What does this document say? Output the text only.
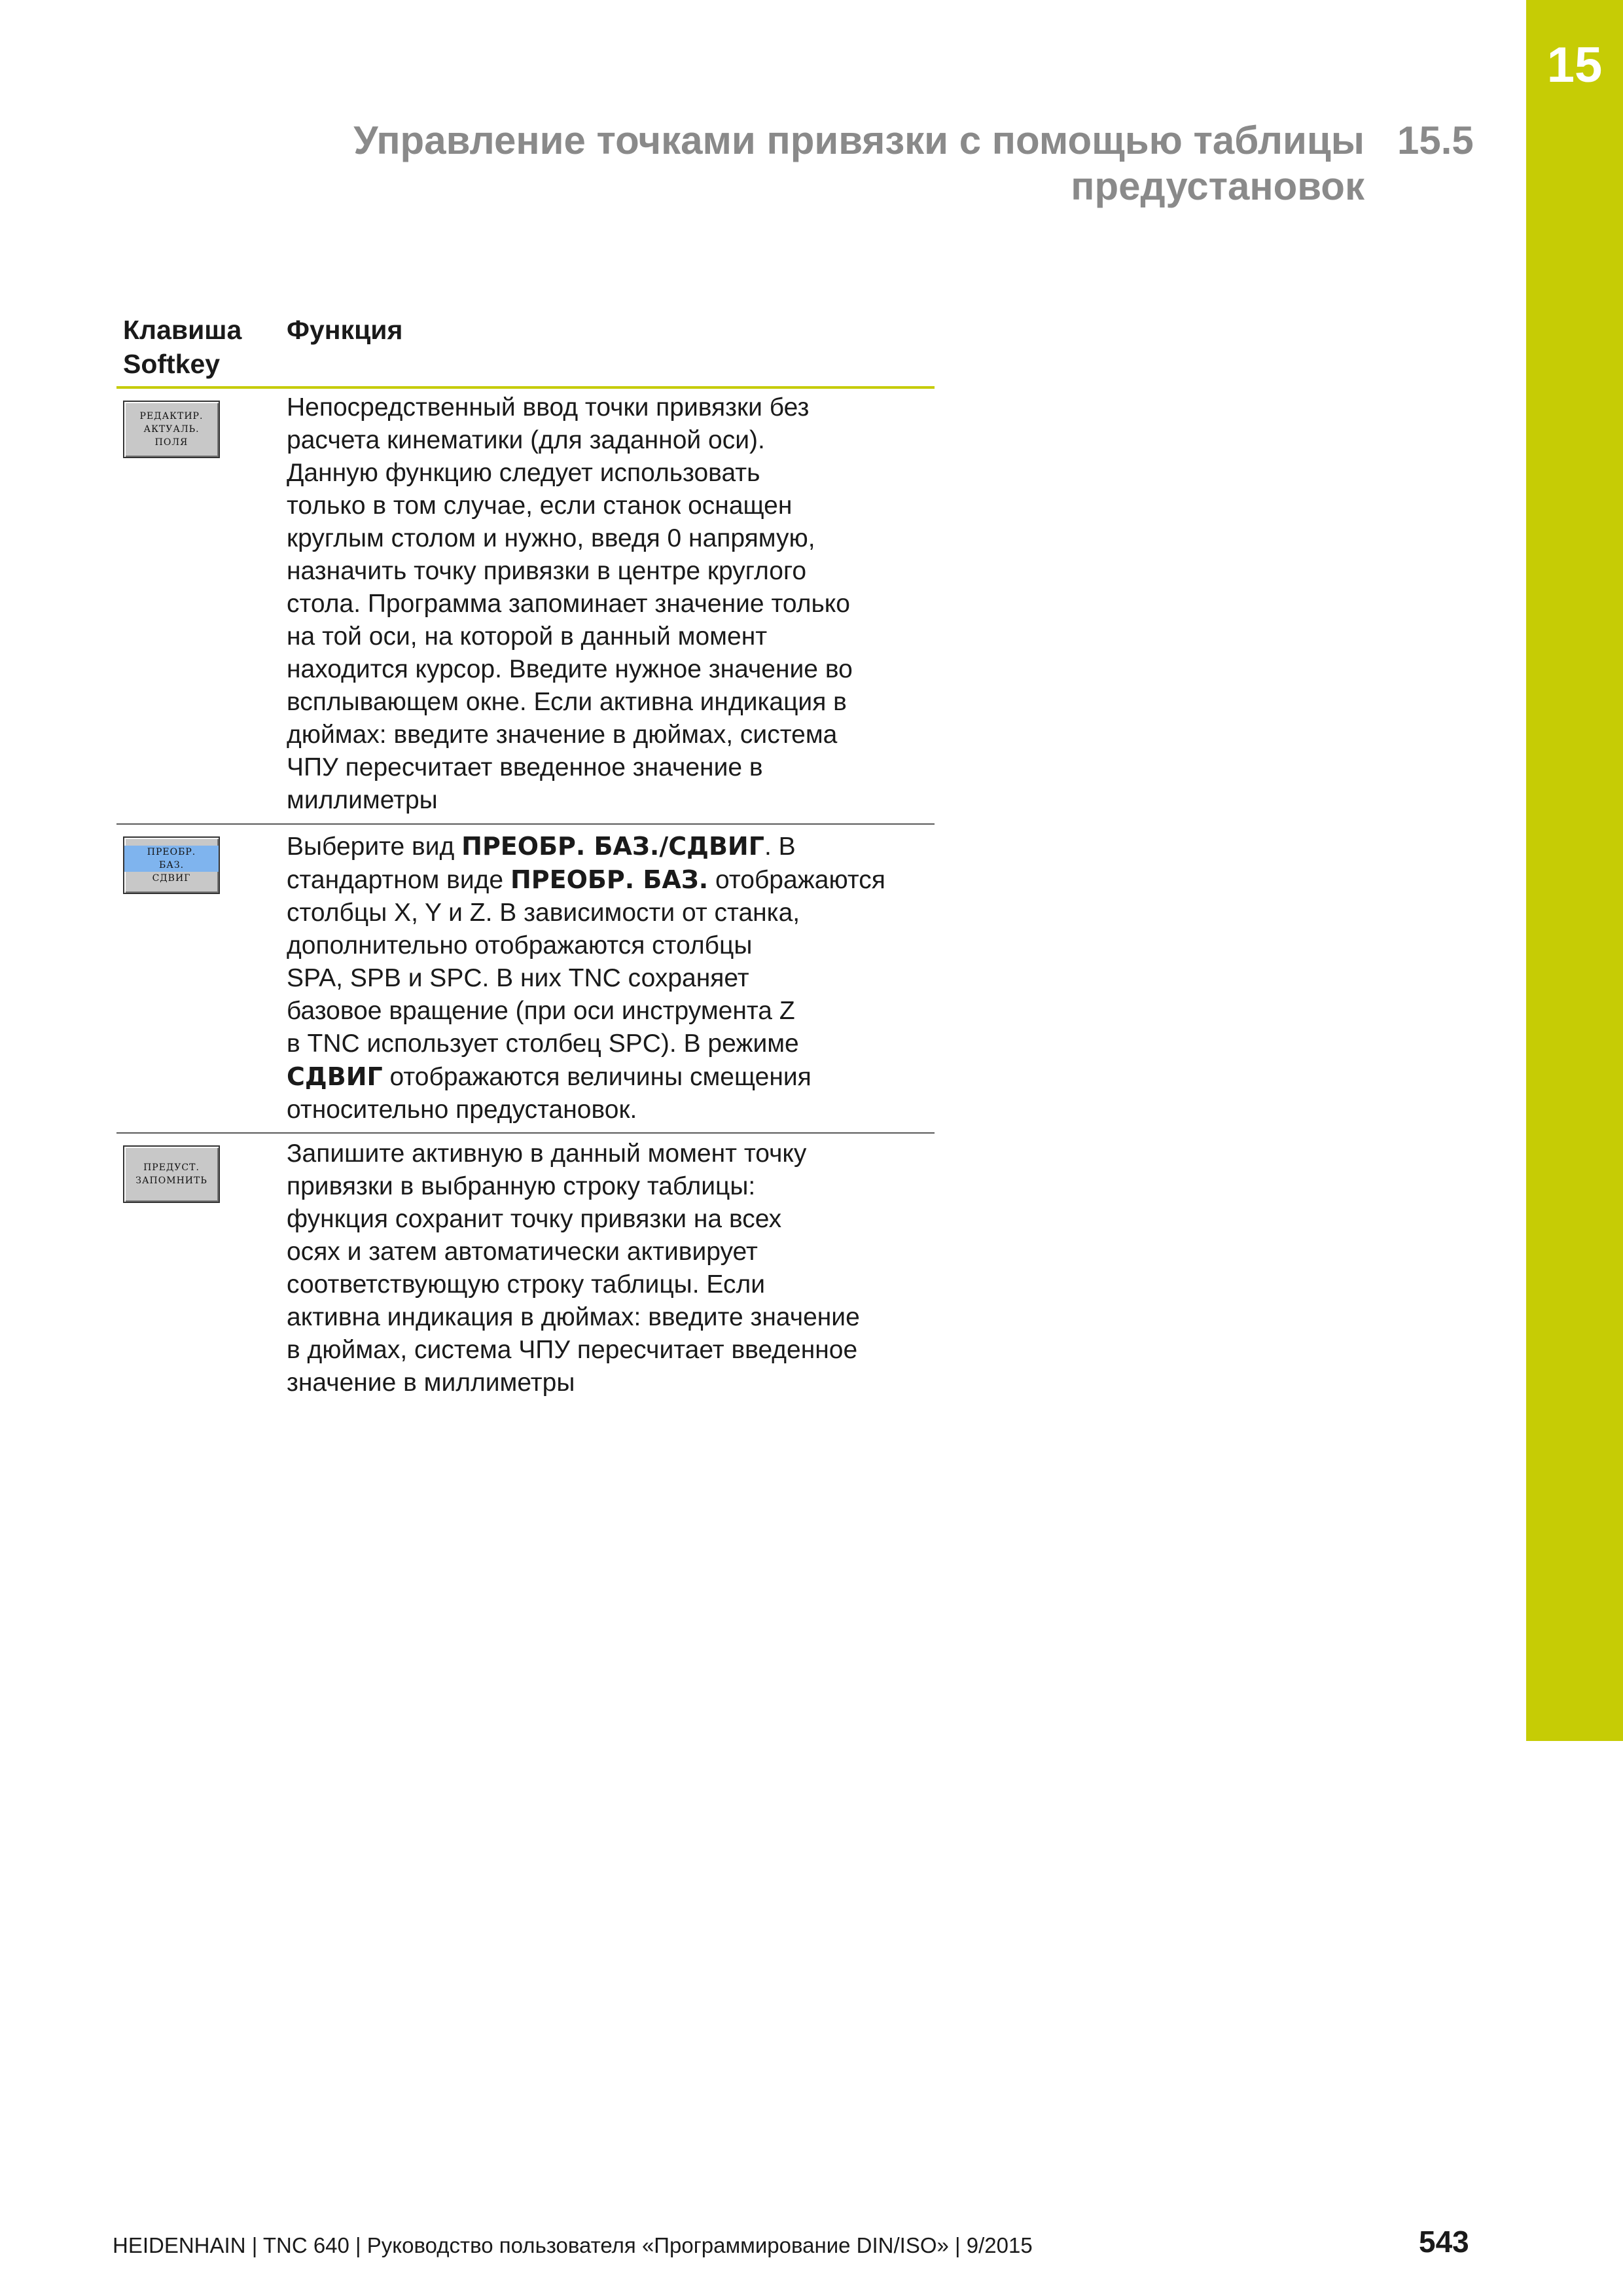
15
Управление точками привязки с помощью таблицы
предустановок
15.5
Клавиша
Softkey
Функция
РЕДАКТИР.
АКТУАЛЬ.
ПОЛЯ
Непосредственный ввод точки привязки без
расчета кинематики (для заданной оси).
Данную функцию следует использовать
только в том случае, если станок оснащен
круглым столом и нужно, введя 0 напрямую,
назначить точку привязки в центре круглого
стола. Программа запоминает значение только
на той оси, на которой в данный момент
находится курсор. Введите нужное значение во
всплывающем окне. Если активна индикация в
дюймах: введите значение в дюймах, система
ЧПУ пересчитает введенное значение в
миллиметры
ПРЕОБР.
БАЗ.
СДВИГ
Выберите вид ПРЕОБР. БАЗ./СДВИГ. В
стандартном виде ПРЕОБР. БАЗ. отображаются
столбцы X, Y и Z. В зависимости от станка,
дополнительно отображаются столбцы
SPA, SPB и SPC. В них TNC сохраняет
базовое вращение (при оси инструмента Z
в TNC использует столбец SPC). В режиме
СДВИГ отображаются величины смещения
относительно предустановок.
ПРЕДУСТ.
ЗАПОМНИТЬ
Запишите активную в данный момент точку
привязки в выбранную строку таблицы:
функция сохранит точку привязки на всех
осях и затем автоматически активирует
соответствующую строку таблицы. Если
активна индикация в дюймах: введите значение
в дюймах, система ЧПУ пересчитает введенное
значение в миллиметры
HEIDENHAIN | TNC 640 | Руководство пользователя «Программирование DIN/ISO» | 9/2015	543
